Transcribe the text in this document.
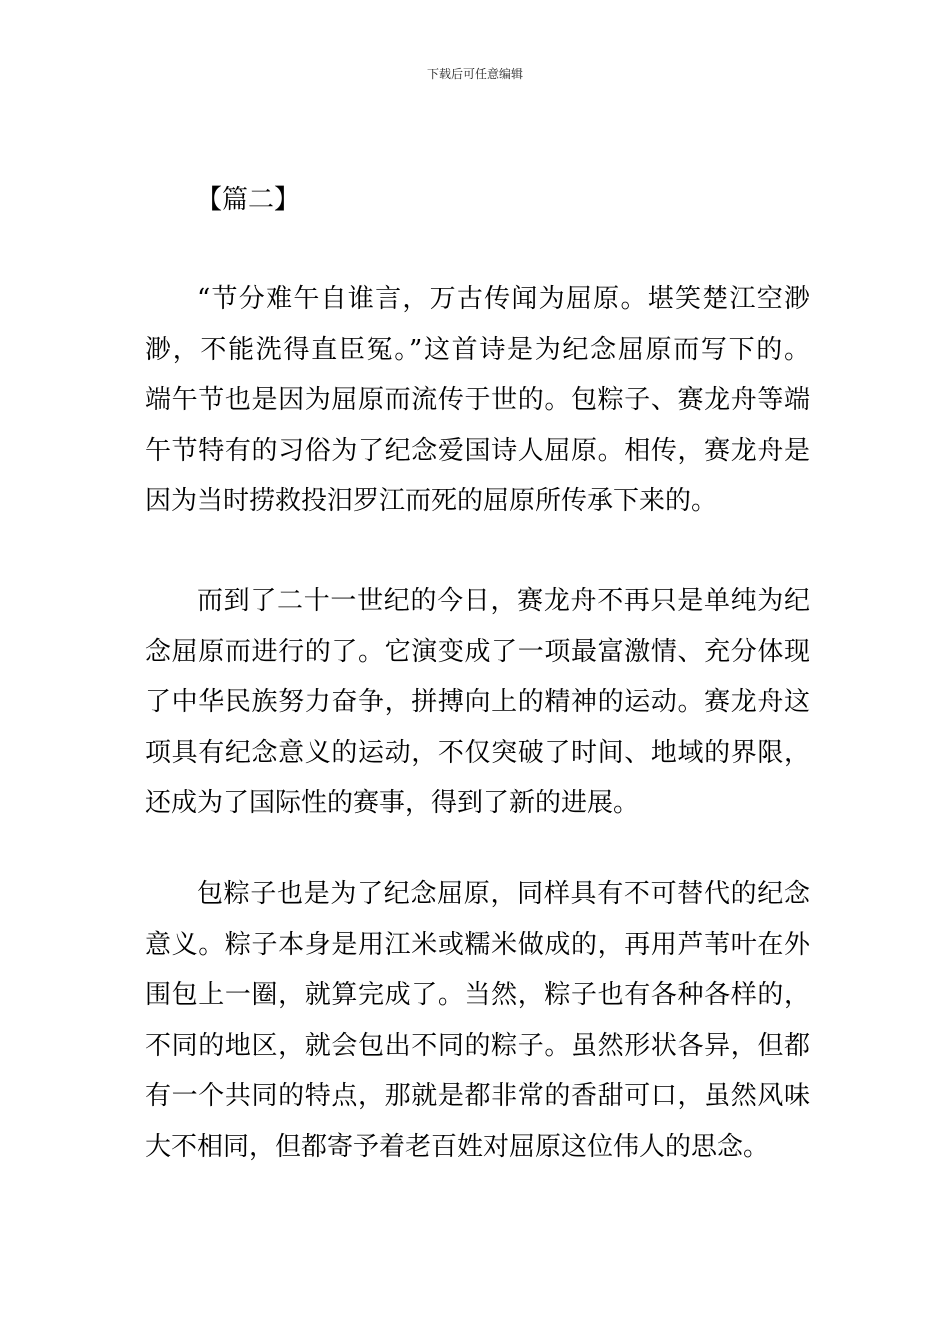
下载后可任意编辑
【篇二】
“节分难午自谁言，万古传闻为屈原。堪笑楚江空渺
渺，不能洗得直臣冤。”这首诗是为纪念屈原而写下的。
端午节也是因为屈原而流传于世的。包粽子、赛龙舟等端
午节特有的习俗为了纪念爱国诗人屈原。相传，赛龙舟是
因为当时捞救投汨罗江而死的屈原所传承下来的。
而到了二十一世纪的今日，赛龙舟不再只是单纯为纪
念屈原而进行的了。它演变成了一项最富激情、充分体现
了中华民族努力奋争，拼搏向上的精神的运动。赛龙舟这
项具有纪念意义的运动，不仅突破了时间、地域的界限，
还成为了国际性的赛事，得到了新的进展。
包粽子也是为了纪念屈原，同样具有不可替代的纪念
意义。粽子本身是用江米或糯米做成的，再用芦苇叶在外
围包上一圈，就算完成了。当然，粽子也有各种各样的，
不同的地区，就会包出不同的粽子。虽然形状各异，但都
有一个共同的特点，那就是都非常的香甜可口，虽然风味
大不相同，但都寄予着老百姓对屈原这位伟人的思念。
